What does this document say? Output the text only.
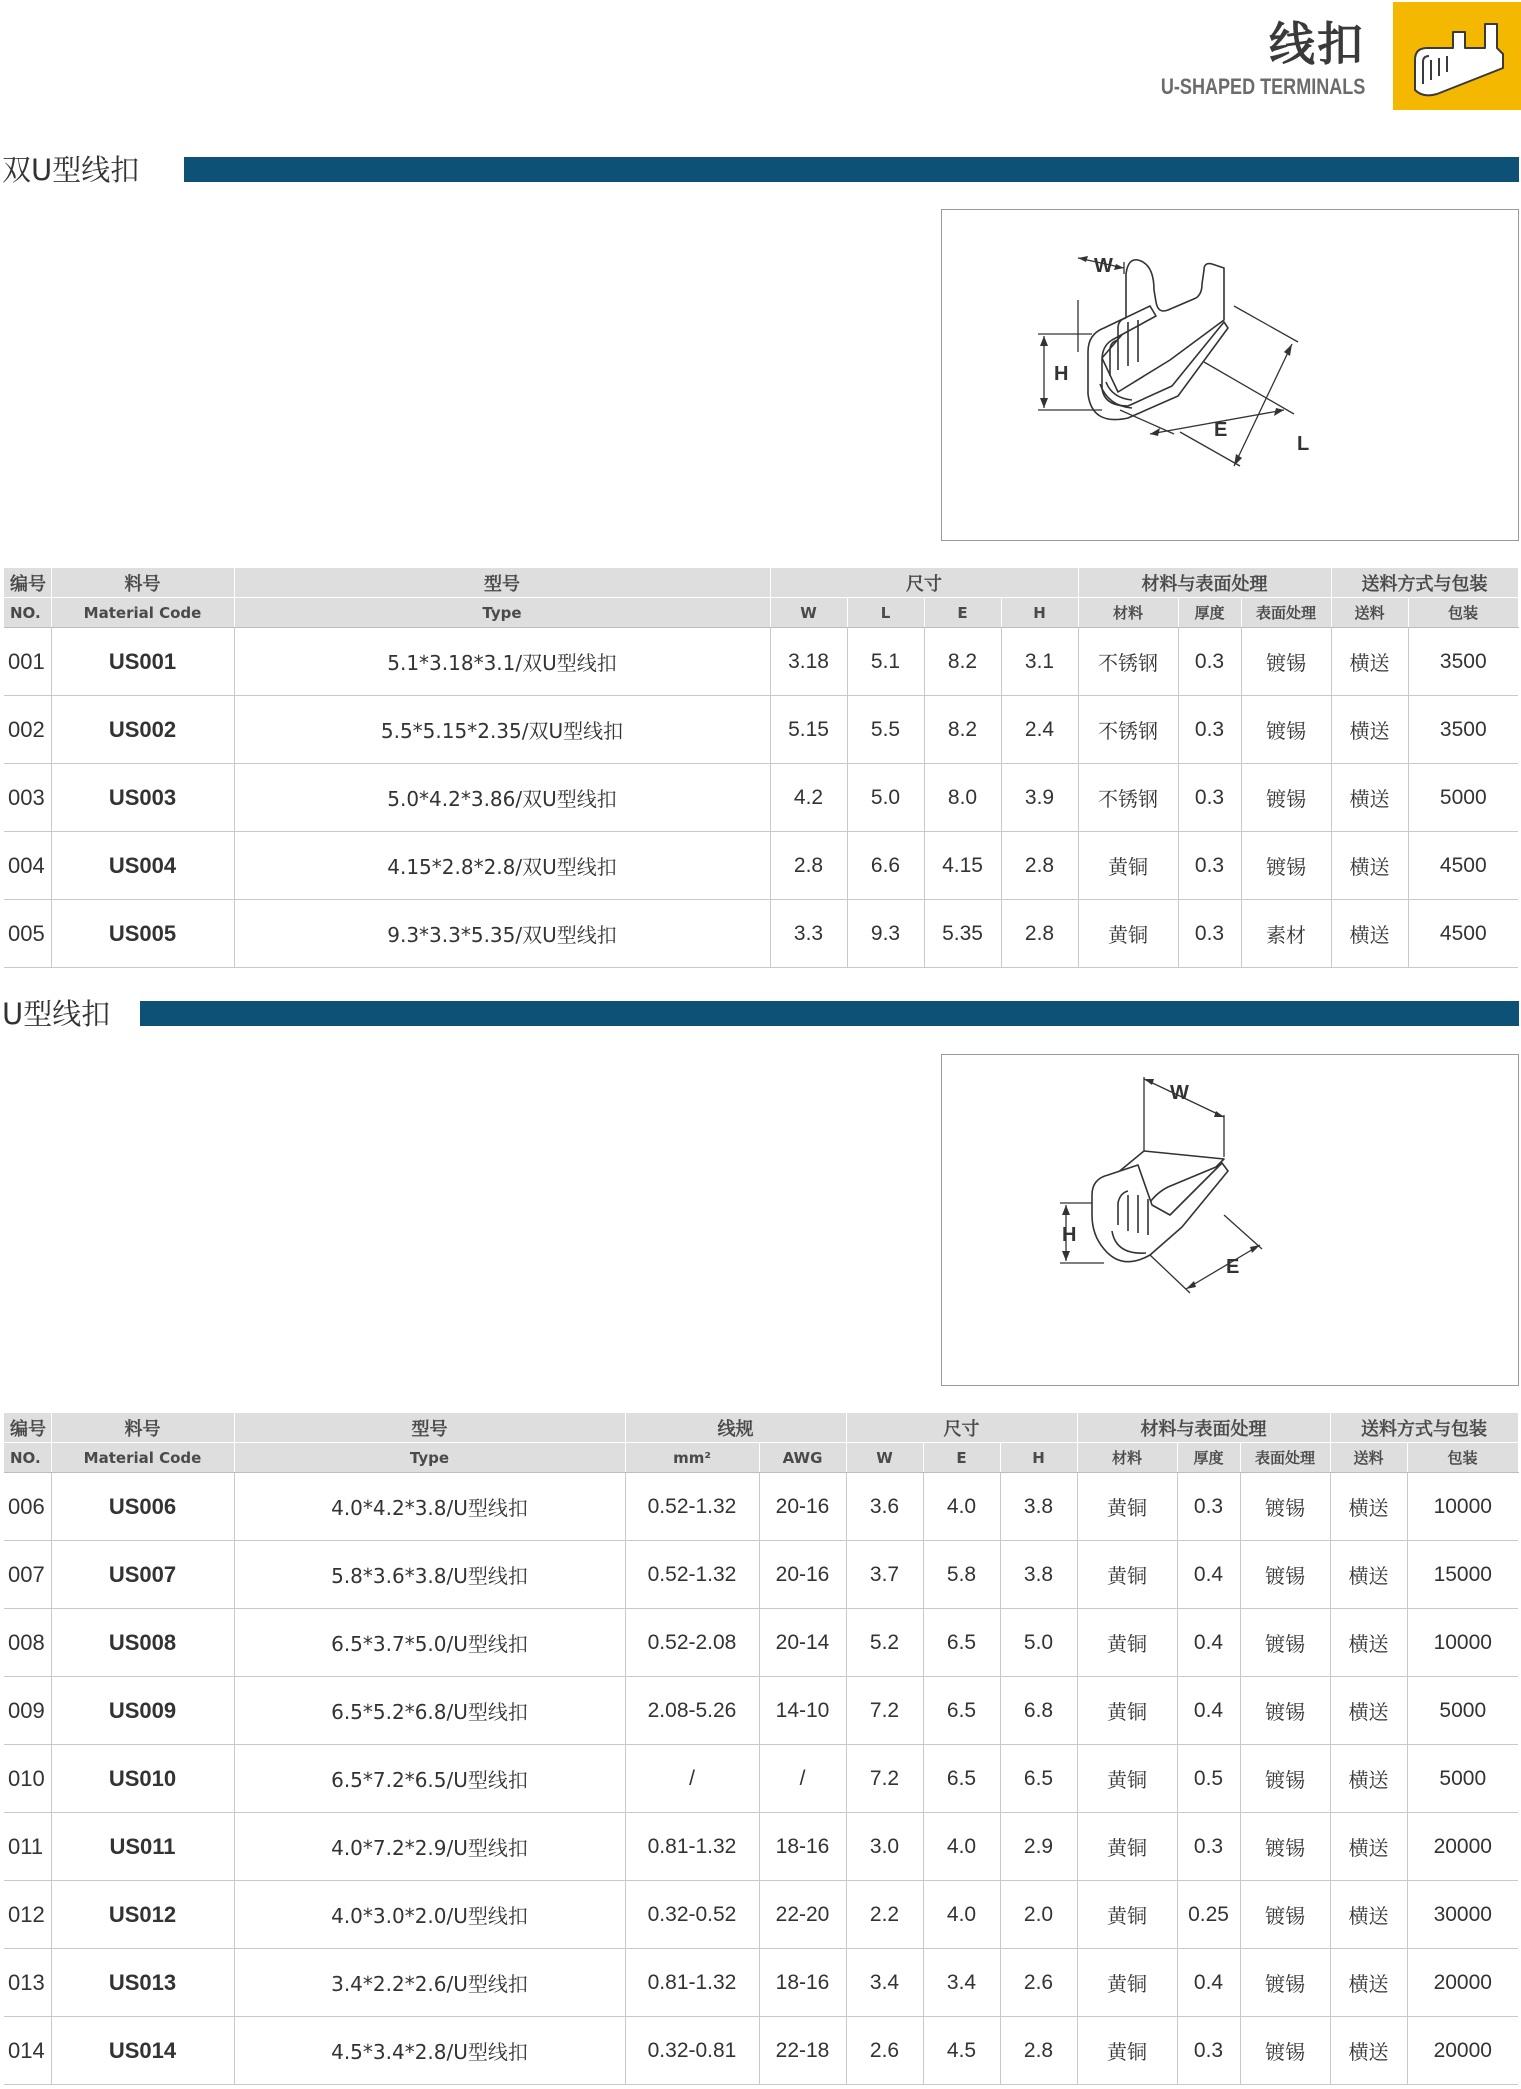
线扣
U-SHAPED TERMINALS
双U型线扣
W
H
E
L
编号	料号	型号	尺寸				材料与表面处理			送料方式与包装	
NO.	Material Code	Type	W	L	E	H	材料	厚度	表面处理	送料	包装
001	US001	5.1*3.18*3.1/双U型线扣	3.18	5.1	8.2	3.1	不锈钢	0.3	镀锡	横送	3500
002	US002	5.5*5.15*2.35/双U型线扣	5.15	5.5	8.2	2.4	不锈钢	0.3	镀锡	横送	3500
003	US003	5.0*4.2*3.86/双U型线扣	4.2	5.0	8.0	3.9	不锈钢	0.3	镀锡	横送	5000
004	US004	4.15*2.8*2.8/双U型线扣	2.8	6.6	4.15	2.8	黄铜	0.3	镀锡	横送	4500
005	US005	9.3*3.3*5.35/双U型线扣	3.3	9.3	5.35	2.8	黄铜	0.3	素材	横送	4500
U型线扣
W
H
E
编号	料号	型号	线规		尺寸			材料与表面处理			送料方式与包装	
NO.	Material Code	Type	mm²	AWG	W	E	H	材料	厚度	表面处理	送料	包装
006	US006	4.0*4.2*3.8/U型线扣	0.52-1.32	20-16	3.6	4.0	3.8	黄铜	0.3	镀锡	横送	10000
007	US007	5.8*3.6*3.8/U型线扣	0.52-1.32	20-16	3.7	5.8	3.8	黄铜	0.4	镀锡	横送	15000
008	US008	6.5*3.7*5.0/U型线扣	0.52-2.08	20-14	5.2	6.5	5.0	黄铜	0.4	镀锡	横送	10000
009	US009	6.5*5.2*6.8/U型线扣	2.08-5.26	14-10	7.2	6.5	6.8	黄铜	0.4	镀锡	横送	5000
010	US010	6.5*7.2*6.5/U型线扣	/	/	7.2	6.5	6.5	黄铜	0.5	镀锡	横送	5000
011	US011	4.0*7.2*2.9/U型线扣	0.81-1.32	18-16	3.0	4.0	2.9	黄铜	0.3	镀锡	横送	20000
012	US012	4.0*3.0*2.0/U型线扣	0.32-0.52	22-20	2.2	4.0	2.0	黄铜	0.25	镀锡	横送	30000
013	US013	3.4*2.2*2.6/U型线扣	0.81-1.32	18-16	3.4	3.4	2.6	黄铜	0.4	镀锡	横送	20000
014	US014	4.5*3.4*2.8/U型线扣	0.32-0.81	22-18	2.6	4.5	2.8	黄铜	0.3	镀锡	横送	20000
